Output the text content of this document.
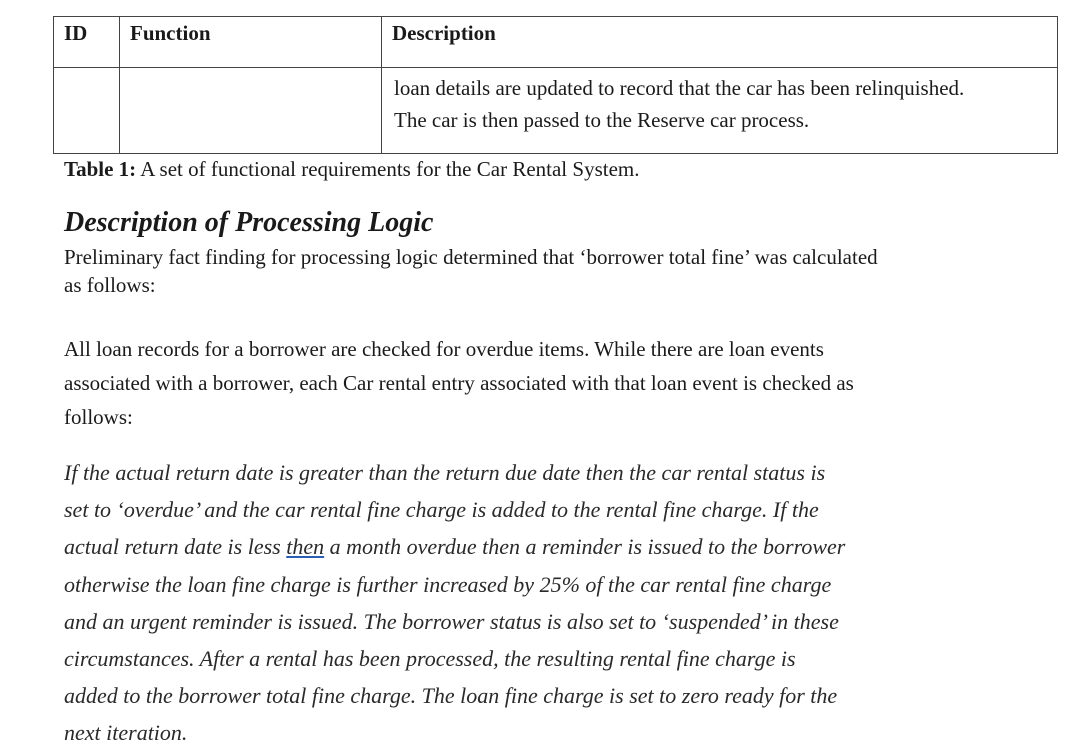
ID	Function	Description

		loan details are updated to record that the car has been relinquished.
The car is then passed to the Reserve car process.
Table 1: A set of functional requirements for the Car Rental System.
Description of Processing Logic

Preliminary fact finding for processing logic determined that ‘borrower total fine’ was calculated
as follows:

All loan records for a borrower are checked for overdue items. While there are loan events
associated with a borrower, each Car rental entry associated with that loan event is checked as
follows:

If the actual return date is greater than the return due date then the car rental status is
set to ‘overdue’ and the car rental fine charge is added to the rental fine charge. If the
actual return date is less then a month overdue then a reminder is issued to the borrower
otherwise the loan fine charge is further increased by 25% of the car rental fine charge
and an urgent reminder is issued. The borrower status is also set to ‘suspended’ in these
circumstances. After a rental has been processed, the resulting rental fine charge is
added to the borrower total fine charge. The loan fine charge is set to zero ready for the
next iteration.
